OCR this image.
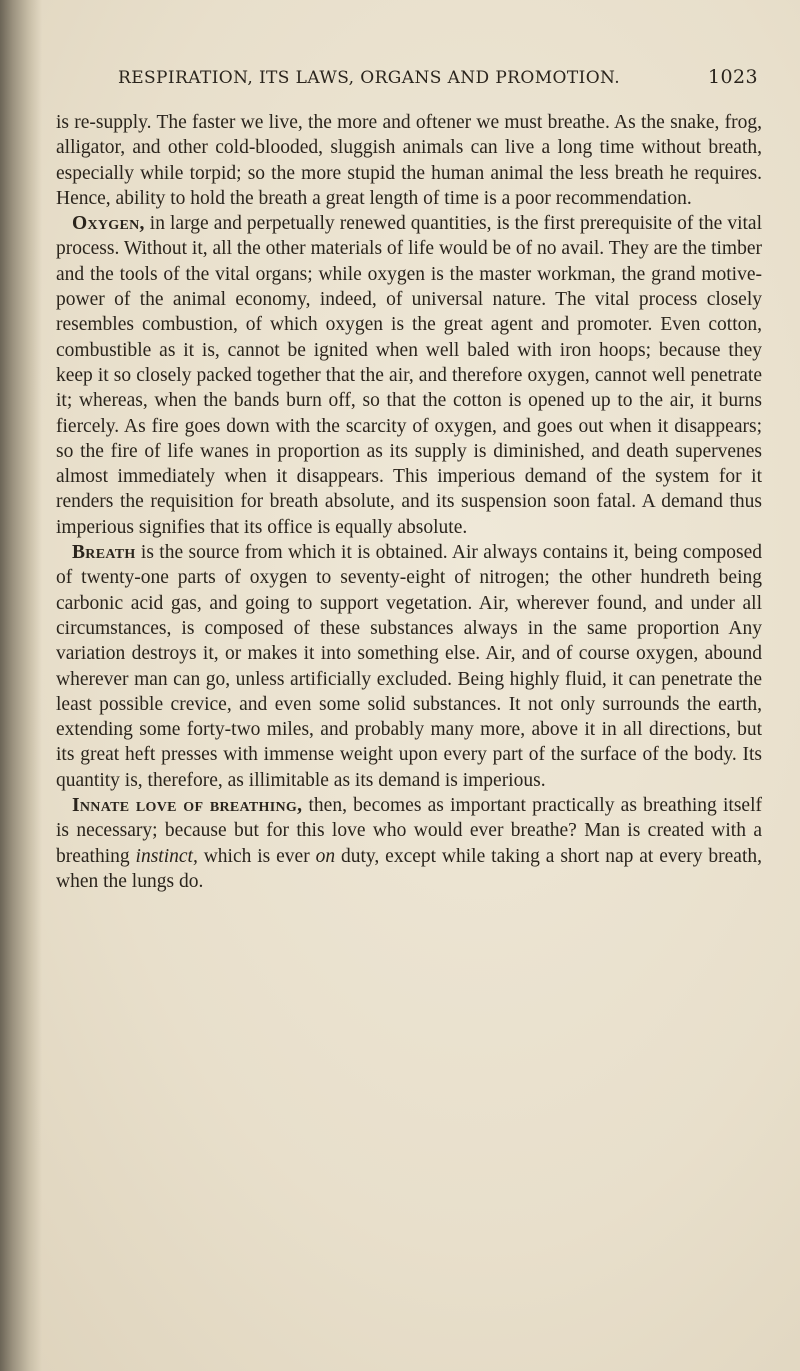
RESPIRATION, ITS LAWS, ORGANS AND PROMOTION.	1023

is re-supply. The faster we live, the more and oftener we must breathe. As the snake, frog, alligator, and other cold-blooded, sluggish animals can live a long time without breath, especially while torpid; so the more stupid the human animal the less breath he requires. Hence, ability to hold the breath a great length of time is a poor recommendation.

Oxygen, in large and perpetually renewed quantities, is the first prerequisite of the vital process. Without it, all the other materials of life would be of no avail. They are the timber and the tools of the vital organs; while oxygen is the master workman, the grand motive-power of the animal economy, indeed, of universal nature. The vital process closely resembles combustion, of which oxygen is the great agent and promoter. Even cotton, combustible as it is, cannot be ignited when well baled with iron hoops; because they keep it so closely packed together that the air, and therefore oxygen, cannot well penetrate it; whereas, when the bands burn off, so that the cotton is opened up to the air, it burns fiercely. As fire goes down with the scarcity of oxygen, and goes out when it disappears; so the fire of life wanes in proportion as its supply is diminished, and death supervenes almost immediately when it disappears. This imperious demand of the system for it renders the requisition for breath absolute, and its suspension soon fatal. A demand thus imperious signifies that its office is equally absolute.

Breath is the source from which it is obtained. Air always contains it, being composed of twenty-one parts of oxygen to seventy-eight of nitrogen; the other hundreth being carbonic acid gas, and going to support vegetation. Air, wherever found, and under all circumstances, is composed of these substances always in the same proportion Any variation destroys it, or makes it into something else. Air, and of course oxygen, abound wherever man can go, unless artificially excluded. Being highly fluid, it can penetrate the least possible crevice, and even some solid substances. It not only surrounds the earth, extending some forty-two miles, and probably many more, above it in all directions, but its great heft presses with immense weight upon every part of the surface of the body. Its quantity is, therefore, as illimitable as its demand is imperious.

Innate love of breathing, then, becomes as important practically as breathing itself is necessary; because but for this love who would ever breathe? Man is created with a breathing instinct, which is ever on duty, except while taking a short nap at every breath, when the lungs do.
